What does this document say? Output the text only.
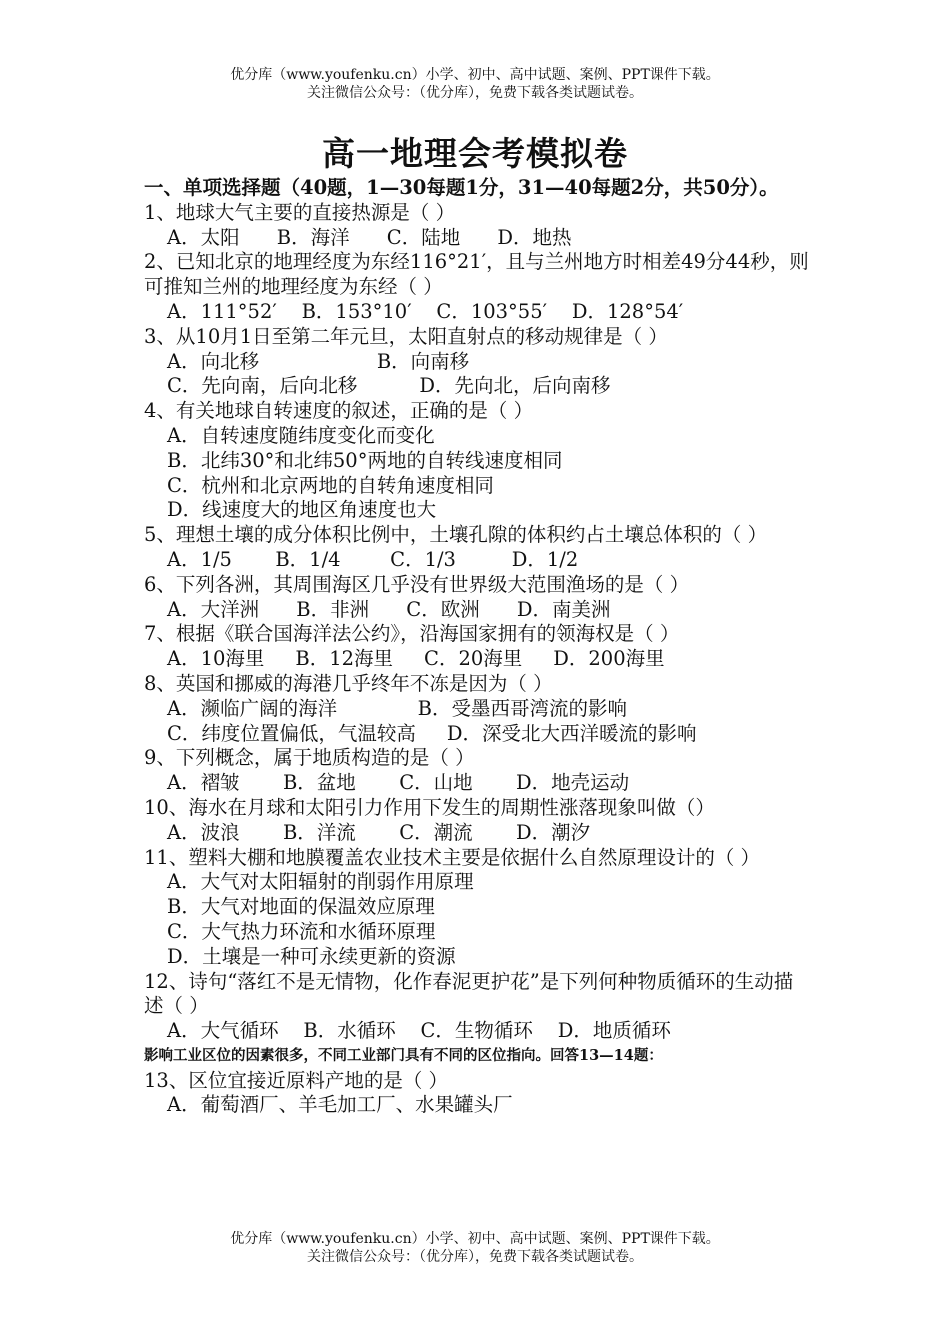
优分库（www.youfenku.cn）小学、初中、高中试题、案例、PPT课件下载。
关注微信公众号：（优分库），免费下载各类试题试卷。
高一地理会考模拟卷
一、单项选择题（40题，1—30每题1分，31—40每题2分，共50分）。
1、地球大气主要的直接热源是（ ）
A．太阳      B．海洋      C．陆地      D．地热
2、已知北京的地理经度为东经116°21′，且与兰州地方时相差49分44秒，则可推知兰州的地理经度为东经（ ）
A．111°52′    B．153°10′    C．103°55′    D．128°54′
3、从10月1日至第二年元旦，太阳直射点的移动规律是（ ）
A．向北移                   B．向南移
C．先向南，后向北移          D．先向北，后向南移
4、有关地球自转速度的叙述，正确的是（ ）
A．自转速度随纬度变化而变化
B．北纬30°和北纬50°两地的自转线速度相同
C．杭州和北京两地的自转角速度相同
D．线速度大的地区角速度也大
5、理想土壤的成分体积比例中，土壤孔隙的体积约占土壤总体积的（ ）
A．1/5       B．1/4        C．1/3         D．1/2
6、下列各洲，其周围海区几乎没有世界级大范围渔场的是（ ）
A．大洋洲      B．非洲      C．欧洲      D．南美洲
7、根据《联合国海洋法公约》，沿海国家拥有的领海权是（ ）
A．10海里     B．12海里     C．20海里     D．200海里
8、英国和挪威的海港几乎终年不冻是因为（ ）
A．濒临广阔的海洋             B．受墨西哥湾流的影响
C．纬度位置偏低，气温较高     D．深受北大西洋暖流的影响
9、下列概念，属于地质构造的是（ ）
A．褶皱       B．盆地       C．山地       D．地壳运动
10、海水在月球和太阳引力作用下发生的周期性涨落现象叫做（）
A．波浪       B．洋流       C．潮流       D．潮汐
11、塑料大棚和地膜覆盖农业技术主要是依据什么自然原理设计的（ ）
A．大气对太阳辐射的削弱作用原理
B．大气对地面的保温效应原理
C．大气热力环流和水循环原理
D．土壤是一种可永续更新的资源
12、诗句“落红不是无情物，化作春泥更护花”是下列何种物质循环的生动描述（ ）
A．大气循环    B．水循环    C．生物循环    D．地质循环
影响工业区位的因素很多，不同工业部门具有不同的区位指向。回答13—14题：
13、区位宜接近原料产地的是（ ）
A．葡萄酒厂、羊毛加工厂、水果罐头厂
优分库（www.youfenku.cn）小学、初中、高中试题、案例、PPT课件下载。
关注微信公众号：（优分库），免费下载各类试题试卷。
